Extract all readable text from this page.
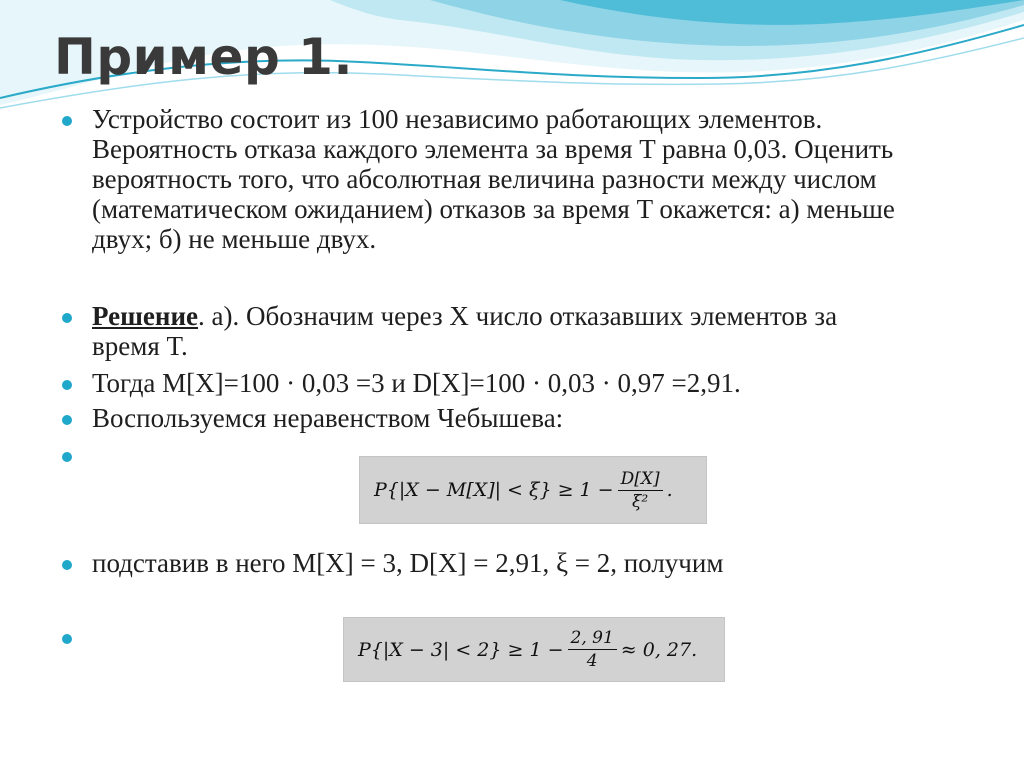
Пример 1.

Устройство состоит из 100 независимо работающих элементов. Вероятность отказа каждого элемента за время T равна 0,03. Оценить вероятность того, что абсолютная величина разности между числом (математическом ожиданием) отказов за время T окажется: а) меньше двух; б) не меньше двух.

Решение. а). Обозначим через X число отказавших элементов за время T.

Тогда M[X]=100 · 0,03 =3 и D[X]=100 · 0,03 · 0,97 =2,91.

Воспользуемся неравенством Чебышева:

$P\{|X - M[X]| < \xi\} \ge 1 - \frac{D[X]}{\text{ξ²}}$ .

подставив в него M[X] = 3, D[X] = 2,91, ξ = 2, получим

$P\{|X - 3| < 2\} \ge 1 - \frac{2, 91}{4} \approx 0$, 27.
